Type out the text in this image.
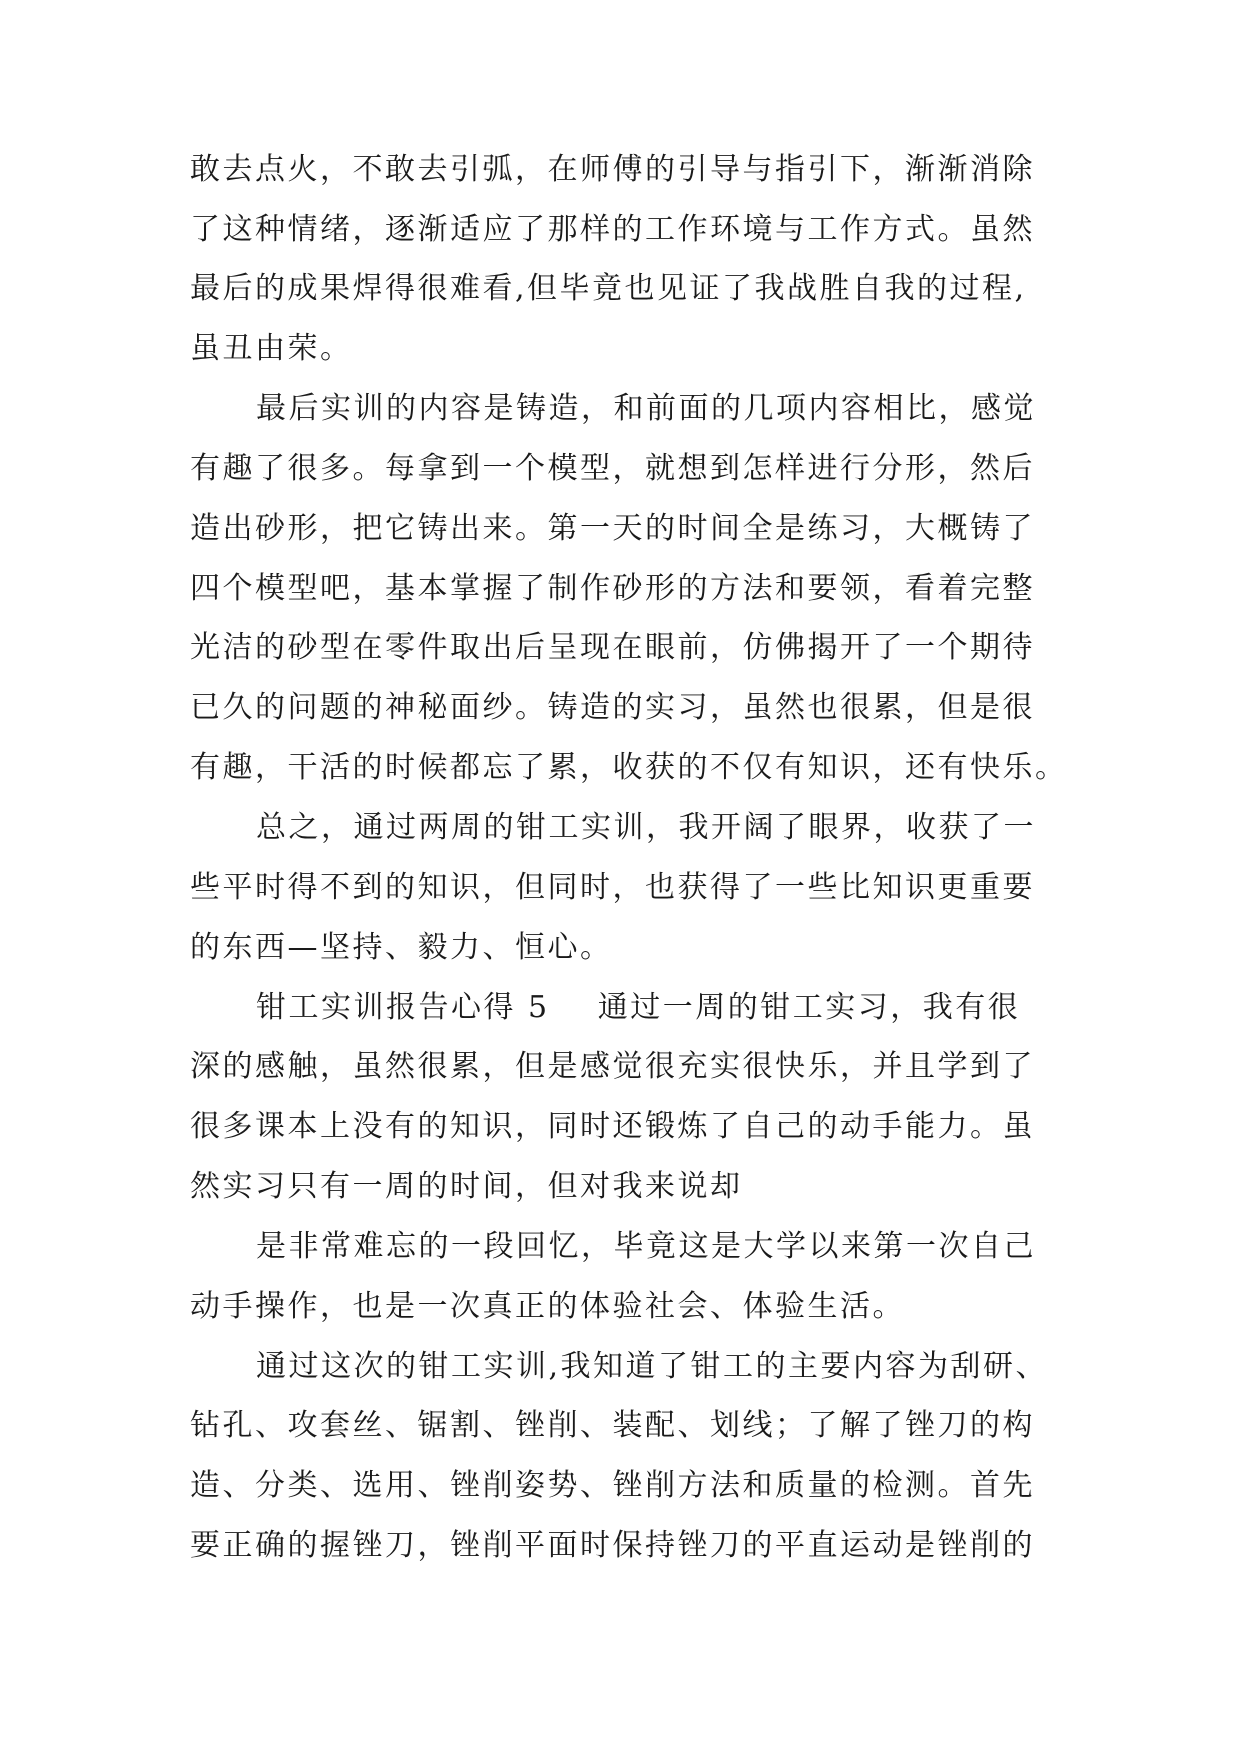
敢去点火，不敢去引弧，在师傅的引导与指引下，渐渐消除
了这种情绪，逐渐适应了那样的工作环境与工作方式。虽然
最后的成果焊得很难看,但毕竟也见证了我战胜自我的过程,
虽丑由荣。
最后实训的内容是铸造，和前面的几项内容相比，感觉
有趣了很多。每拿到一个模型，就想到怎样进行分形，然后
造出砂形，把它铸出来。第一天的时间全是练习，大概铸了
四个模型吧，基本掌握了制作砂形的方法和要领，看着完整
光洁的砂型在零件取出后呈现在眼前，仿佛揭开了一个期待
已久的问题的神秘面纱。铸造的实习，虽然也很累，但是很
有趣，干活的时候都忘了累，收获的不仅有知识，还有快乐。
总之，通过两周的钳工实训，我开阔了眼界，收获了一
些平时得不到的知识，但同时，也获得了一些比知识更重要
的东西—坚持、毅力、恒心。
钳工实训报告心得 5    通过一周的钳工实习，我有很
深的感触，虽然很累，但是感觉很充实很快乐，并且学到了
很多课本上没有的知识，同时还锻炼了自己的动手能力。虽
然实习只有一周的时间，但对我来说却
是非常难忘的一段回忆，毕竟这是大学以来第一次自己
动手操作，也是一次真正的体验社会、体验生活。
通过这次的钳工实训,我知道了钳工的主要内容为刮研、
钻孔、攻套丝、锯割、锉削、装配、划线；了解了锉刀的构
造、分类、选用、锉削姿势、锉削方法和质量的检测。首先
要正确的握锉刀，锉削平面时保持锉刀的平直运动是锉削的
